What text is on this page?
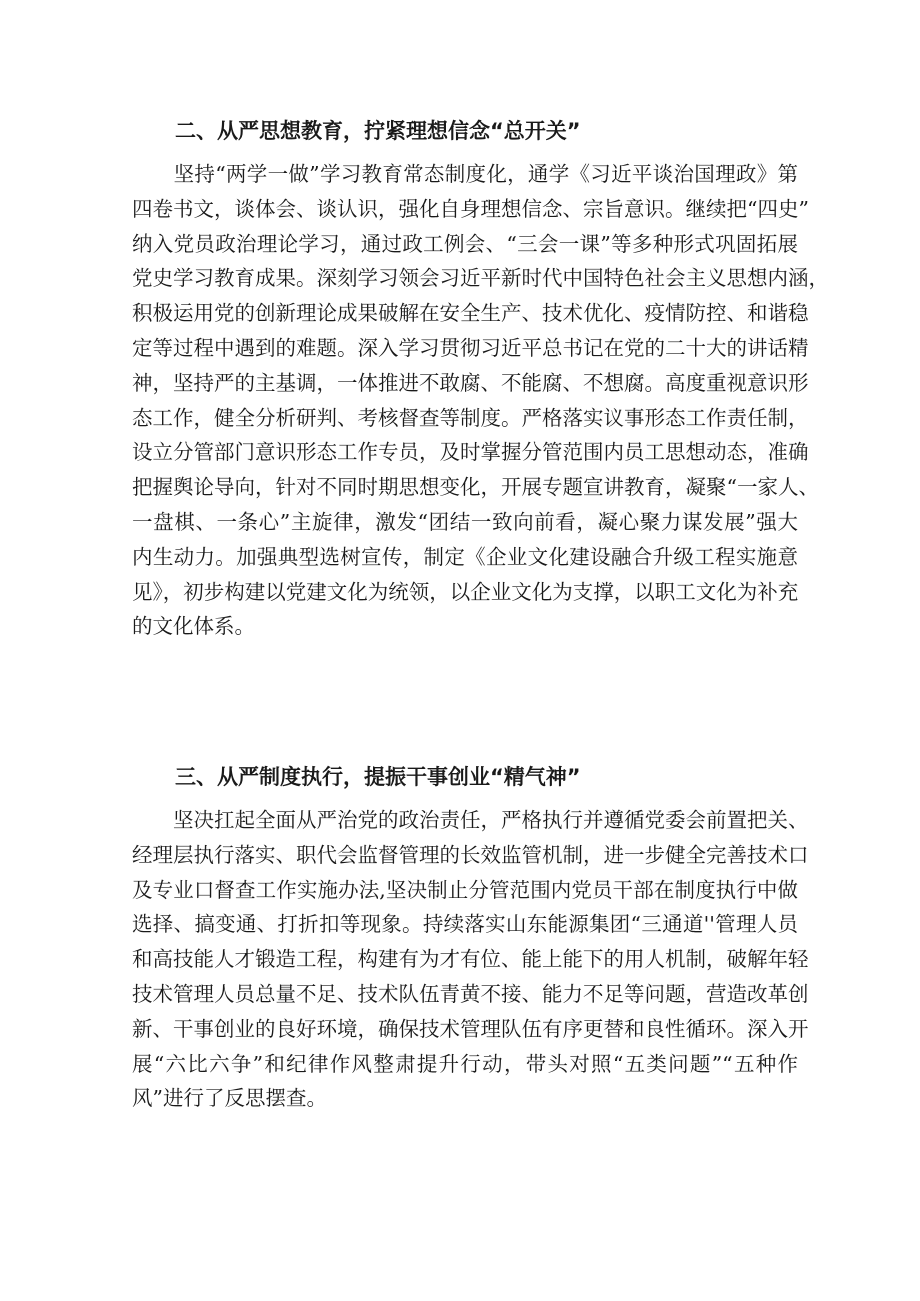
二、从严思想教育，拧紧理想信念“总开关”
　　坚持“两学一做”学习教育常态制度化，通学《习近平谈治国理政》第
四卷书文，谈体会、谈认识，强化自身理想信念、宗旨意识。继续把“四史”
纳入党员政治理论学习，通过政工例会、“三会一课”等多种形式巩固拓展
党史学习教育成果。深刻学习领会习近平新时代中国特色社会主义思想内涵，
积极运用党的创新理论成果破解在安全生产、技术优化、疫情防控、和谐稳
定等过程中遇到的难题。深入学习贯彻习近平总书记在党的二十大的讲话精
神，坚持严的主基调，一体推进不敢腐、不能腐、不想腐。高度重视意识形
态工作，健全分析研判、考核督查等制度。严格落实议事形态工作责任制，
设立分管部门意识形态工作专员，及时掌握分管范围内员工思想动态，准确
把握舆论导向，针对不同时期思想变化，开展专题宣讲教育，凝聚“一家人、
一盘棋、一条心”主旋律，激发“团结一致向前看，凝心聚力谋发展”强大
内生动力。加强典型选树宣传，制定《企业文化建设融合升级工程实施意
见》，初步构建以党建文化为统领，以企业文化为支撑，以职工文化为补充
的文化体系。
三、从严制度执行，提振干事创业“精气神”
　　坚决扛起全面从严治党的政治责任，严格执行并遵循党委会前置把关、
经理层执行落实、职代会监督管理的长效监管机制，进一步健全完善技术口
及专业口督查工作实施办法,坚决制止分管范围内党员干部在制度执行中做
选择、搞变通、打折扣等现象。持续落实山东能源集团“三通道''管理人员
和高技能人才锻造工程，构建有为才有位、能上能下的用人机制，破解年轻
技术管理人员总量不足、技术队伍青黄不接、能力不足等问题，营造改革创
新、干事创业的良好环境，确保技术管理队伍有序更替和良性循环。深入开
展“六比六争”和纪律作风整肃提升行动，带头对照“五类问题”“五种作
风”进行了反思摆查。
